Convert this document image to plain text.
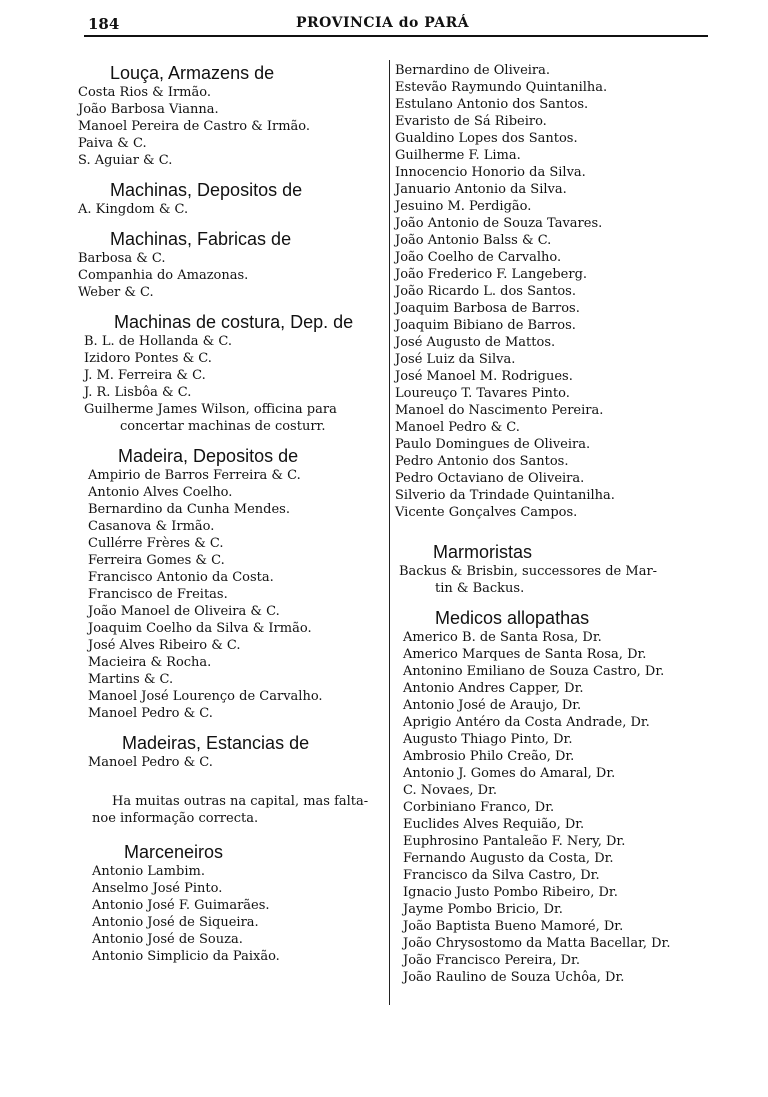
184	PROVINCIA do PARÁ
Louça, Armazens de
Costa Rios & Irmão.
João Barbosa Vianna.
Manoel Pereira de Castro & Irmão.
Paiva & C.
S. Aguiar & C.
Machinas, Depositos de
A. Kingdom & C.
Machinas, Fabricas de
Barbosa & C.
Companhia do Amazonas.
Weber & C.
Machinas de costura, Dep. de
B. L. de Hollanda & C.
Izidoro Pontes & C.
J. M. Ferreira & C.
J. R. Lisbôa & C.
Guilherme James Wilson, officina para
concertar machinas de costurr.
Madeira, Depositos de
Ampirio de Barros Ferreira & C.
Antonio Alves Coelho.
Bernardino da Cunha Mendes.
Casanova & Irmão.
Cullérre Frères & C.
Ferreira Gomes & C.
Francisco Antonio da Costa.
Francisco de Freitas.
João Manoel de Oliveira & C.
Joaquim Coelho da Silva & Irmão.
José Alves Ribeiro & C.
Macieira & Rocha.
Martins & C.
Manoel José Lourenço de Carvalho.
Manoel Pedro & C.
Madeiras, Estancias de
Manoel Pedro & C.
Ha muitas outras na capital, mas falta-
noe informação correcta.
Marceneiros
Antonio Lambim.
Anselmo José Pinto.
Antonio José F. Guimarães.
Antonio José de Siqueira.
Antonio José de Souza.
Antonio Simplicio da Paixão.
Bernardino de Oliveira.
Estevão Raymundo Quintanilha.
Estulano Antonio dos Santos.
Evaristo de Sá Ribeiro.
Gualdino Lopes dos Santos.
Guilherme F. Lima.
Innocencio Honorio da Silva.
Januario Antonio da Silva.
Jesuino M. Perdigão.
João Antonio de Souza Tavares.
João Antonio Balss & C.
João Coelho de Carvalho.
João Frederico F. Langeberg.
João Ricardo L. dos Santos.
Joaquim Barbosa de Barros.
Joaquim Bibiano de Barros.
José Augusto de Mattos.
José Luiz da Silva.
José Manoel M. Rodrigues.
Loureuço T. Tavares Pinto.
Manoel do Nascimento Pereira.
Manoel Pedro & C.
Paulo Domingues de Oliveira.
Pedro Antonio dos Santos.
Pedro Octaviano de Oliveira.
Silverio da Trindade Quintanilha.
Vicente Gonçalves Campos.
Marmoristas
Backus & Brisbin, successores de Mar-
tin & Backus.
Medicos allopathas
Americo B. de Santa Rosa, Dr.
Americo Marques de Santa Rosa, Dr.
Antonino Emiliano de Souza Castro, Dr.
Antonio Andres Capper, Dr.
Antonio José de Araujo, Dr.
Aprigio Antéro da Costa Andrade, Dr.
Augusto Thiago Pinto, Dr.
Ambrosio Philo Creão, Dr.
Antonio J. Gomes do Amaral, Dr.
C. Novaes, Dr.
Corbiniano Franco, Dr.
Euclides Alves Requião, Dr.
Euphrosino Pantaleão F. Nery, Dr.
Fernando Augusto da Costa, Dr.
Francisco da Silva Castro, Dr.
Ignacio Justo Pombo Ribeiro, Dr.
Jayme Pombo Bricio, Dr.
João Baptista Bueno Mamoré, Dr.
João Chrysostomo da Matta Bacellar, Dr.
João Francisco Pereira, Dr.
João Raulino de Souza Uchôa, Dr.
